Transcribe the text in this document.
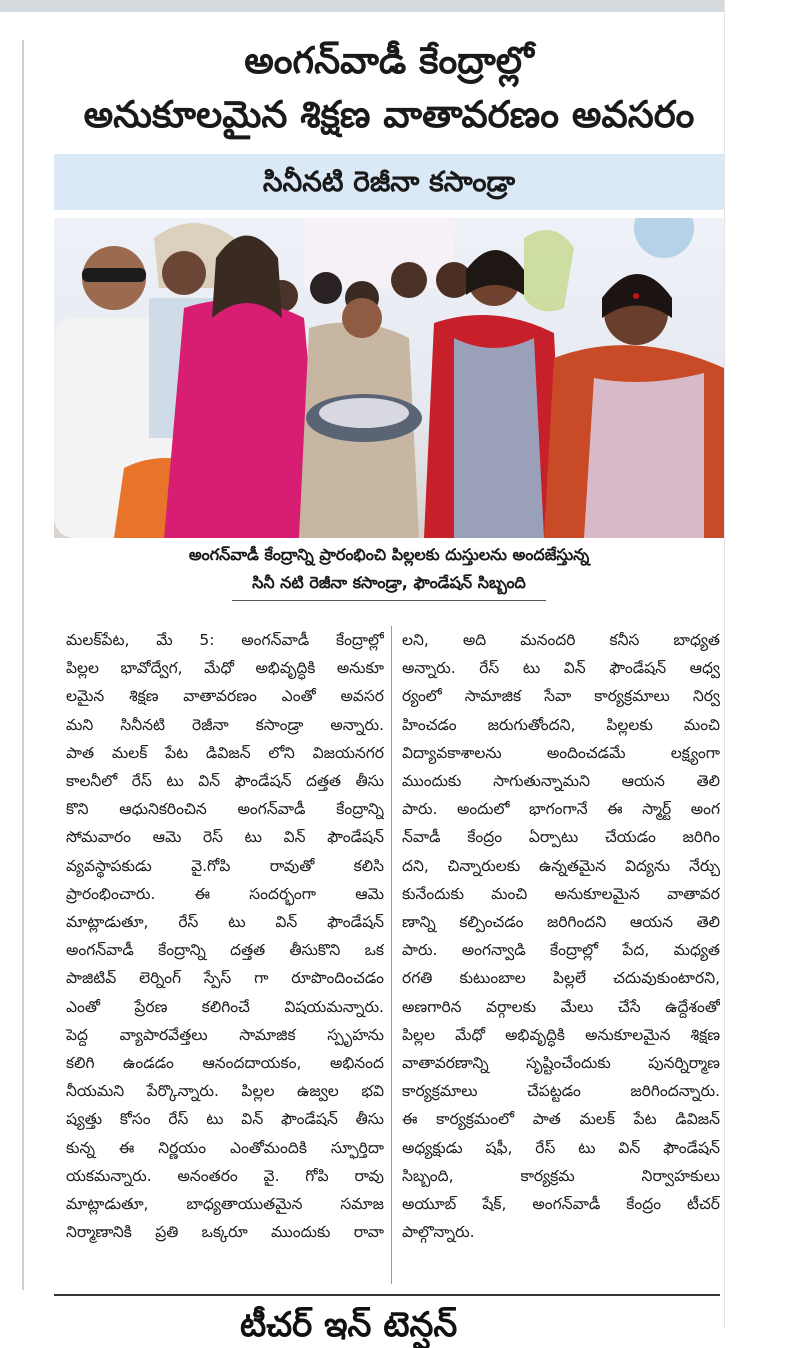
అంగన్‌వాడీ కేంద్రాల్లో
అనుకూలమైన శిక్షణ వాతావరణం అవసరం
సినీనటి రెజీనా కసాండ్రా
అంగన్‌వాడీ కేంద్రాన్ని ప్రారంభించి పిల్లలకు దుస్తులను అందజేస్తున్న
సినీ నటి రెజీనా కసాండ్రా, ఫౌండేషన్ సిబ్బంది
మలక్‌పేట, మే 5: అంగన్‌వాడీ కేంద్రాల్లో
పిల్లల భావోద్వేగ, మేధో అభివృద్ధికి అనుకూ
లమైన శిక్షణ వాతావరణం ఎంతో అవసర
మని సినీనటి రెజీనా కసాండ్రా అన్నారు.
పాత మలక్ పేట డివిజన్ లోని విజయనగర
కాలనీలో రేస్ టు విన్ ఫౌండేషన్ దత్తత తీసు
కొని ఆధునికరించిన అంగన్‌వాడీ కేంద్రాన్ని
సోమవారం ఆమె రెస్ టు విన్ ఫౌండేషన్
వ్యవస్థాపకుడు వై.గోపి రావుతో కలిసి
ప్రారంభించారు. ఈ సందర్భంగా ఆమె
మాట్లాడుతూ, రేస్ టు విన్ ఫౌండేషన్
అంగన్‌వాడీ కేంద్రాన్ని దత్తత తీసుకొని ఒక
పాజిటివ్ లెర్నింగ్ స్పేస్ గా రూపొందించడం
ఎంతో ప్రేరణ కలిగించే విషయమన్నారు.
పెద్ద వ్యాపారవేత్తలు సామాజిక స్పృహను
కలిగి ఉండడం ఆనందదాయకం, అభినంద
నీయమని పేర్కొన్నారు. పిల్లల ఉజ్వల భవి
ష్యత్తు కోసం రేస్ టు విన్ ఫౌండేషన్ తీసు
కున్న ఈ నిర్ణయం ఎంతోమందికి స్ఫూర్తిదా
యకమన్నారు. అనంతరం వై. గోపి రావు
మాట్లాడుతూ, బాధ్యతాయుతమైన సమాజ
నిర్మాణానికి ప్రతి ఒక్కరూ ముందుకు రావా
లని, అది మనందరి కనీస బాధ్యత
అన్నారు. రేస్ టు విన్ ఫౌండేషన్ ఆధ్వ
ర్యంలో సామాజిక సేవా కార్యక్రమాలు నిర్వ
హించడం జరుగుతోందని, పిల్లలకు మంచి
విద్యావకాశాలను అందించడమే లక్ష్యంగా
ముందుకు సాగుతున్నామని ఆయన తెలి
పారు. అందులో భాగంగానే ఈ స్మార్ట్ అంగ
న్‌వాడీ కేంద్రం ఏర్పాటు చేయడం జరిగిం
దని, చిన్నారులకు ఉన్నతమైన విద్యను నేర్చు
కునేందుకు మంచి అనుకూలమైన వాతావర
ణాన్ని కల్పించడం జరిగిందని ఆయన తెలి
పారు. అంగన్వాడి కేంద్రాల్లో పేద, మధ్యత
రగతి కుటుంబాల పిల్లలే చదువుకుంటారని,
అణగారిన వర్గాలకు మేలు చేసే ఉద్దేశంతో
పిల్లల మేధో అభివృద్ధికి అనుకూలమైన శిక్షణ
వాతావరణాన్ని సృష్టించేందుకు పునర్నిర్మాణ
కార్యక్రమాలు చేపట్టడం జరిగిందన్నారు.
ఈ కార్యక్రమంలో పాత మలక్ పేట డివిజన్
అధ్యక్షుడు షఫీ, రేస్ టు విన్ ఫౌండేషన్
సిబ్బంది, కార్యక్రమ నిర్వాహకులు
అయూబ్ షేక్, అంగన్‌వాడీ కేంద్రం టీచర్
పాల్గొన్నారు.
టీచర్ ఇన్ టెన్షన్
